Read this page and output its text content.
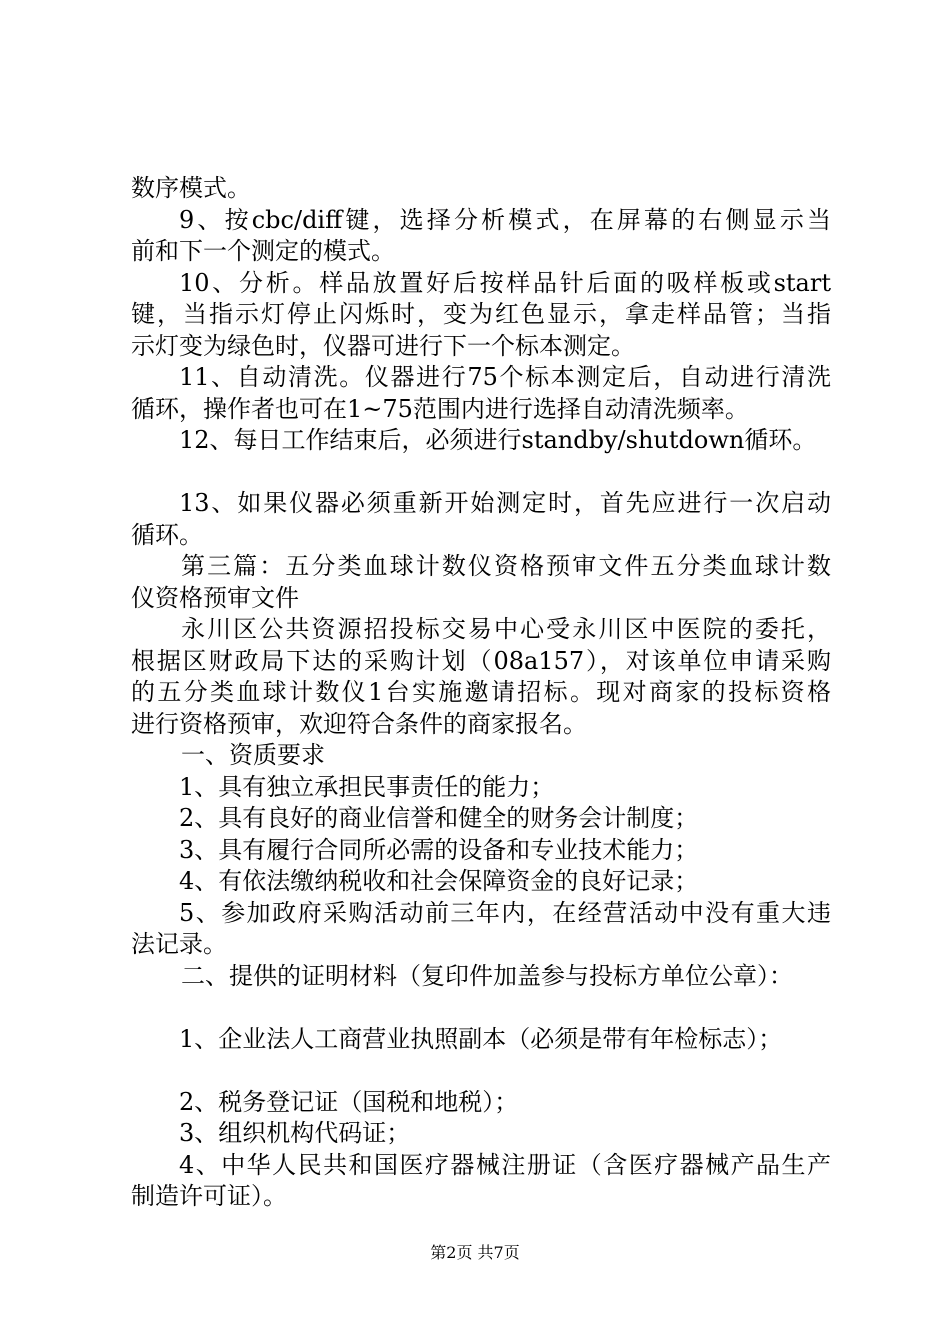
数序模式。
9、按cbc/diff键，选择分析模式，在屏幕的右侧显示当
前和下一个测定的模式。
10、分析。样品放置好后按样品针后面的吸样板或start
键，当指示灯停止闪烁时，变为红色显示，拿走样品管；当指
示灯变为绿色时，仪器可进行下一个标本测定。
11、自动清洗。仪器进行75个标本测定后，自动进行清洗
循环，操作者也可在1~75范围内进行选择自动清洗频率。
12、每日工作结束后，必须进行standby/shutdown循环。
13、如果仪器必须重新开始测定时，首先应进行一次启动
循环。
第三篇：五分类血球计数仪资格预审文件五分类血球计数
仪资格预审文件
永川区公共资源招投标交易中心受永川区中医院的委托，
根据区财政局下达的采购计划（08a157），对该单位申请采购
的五分类血球计数仪1台实施邀请招标。现对商家的投标资格
进行资格预审，欢迎符合条件的商家报名。
一、资质要求
1、具有独立承担民事责任的能力；
2、具有良好的商业信誉和健全的财务会计制度；
3、具有履行合同所必需的设备和专业技术能力；
4、有依法缴纳税收和社会保障资金的良好记录；
5、参加政府采购活动前三年内，在经营活动中没有重大违
法记录。
二、提供的证明材料（复印件加盖参与投标方单位公章）：
1、企业法人工商营业执照副本（必须是带有年检标志）；
2、税务登记证（国税和地税）；
3、组织机构代码证；
4、中华人民共和国医疗器械注册证（含医疗器械产品生产
制造许可证）。
第2页 共7页
